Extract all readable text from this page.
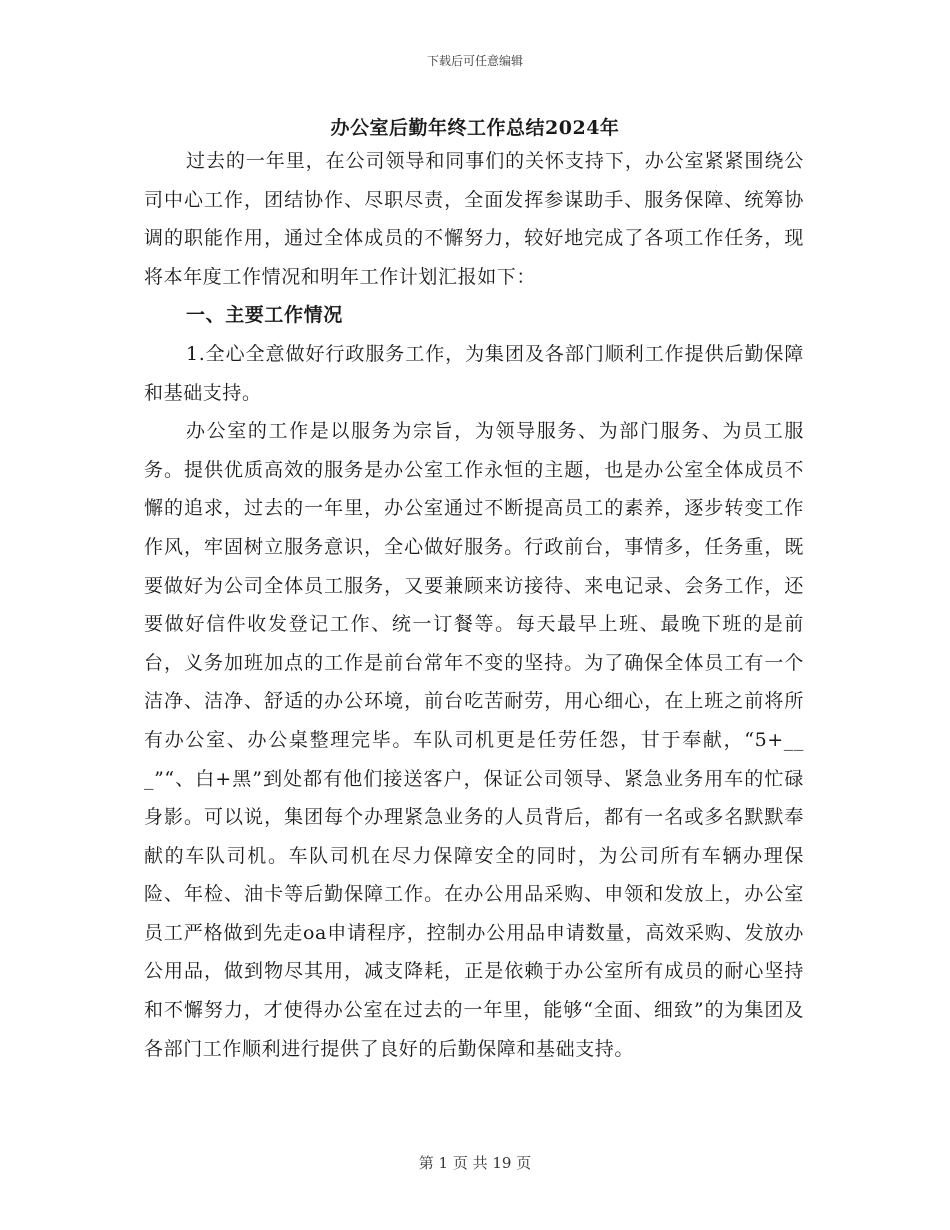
下载后可任意编辑
办公室后勤年终工作总结2024年

过去的一年里，在公司领导和同事们的关怀支持下，办公室紧紧围绕公司中心工作，团结协作、尽职尽责，全面发挥参谋助手、服务保障、统筹协调的职能作用，通过全体成员的不懈努力，较好地完成了各项工作任务，现将本年度工作情况和明年工作计划汇报如下：

一、主要工作情况

1.全心全意做好行政服务工作，为集团及各部门顺利工作提供后勤保障和基础支持。

办公室的工作是以服务为宗旨，为领导服务、为部门服务、为员工服务。提供优质高效的服务是办公室工作永恒的主题，也是办公室全体成员不懈的追求，过去的一年里，办公室通过不断提高员工的素养，逐步转变工作作风，牢固树立服务意识，全心做好服务。行政前台，事情多，任务重，既要做好为公司全体员工服务，又要兼顾来访接待、来电记录、会务工作，还要做好信件收发登记工作、统一订餐等。每天最早上班、最晚下班的是前台，义务加班加点的工作是前台常年不变的坚持。为了确保全体员工有一个洁净、洁净、舒适的办公环境，前台吃苦耐劳，用心细心，在上班之前将所有办公室、办公桌整理完毕。车队司机更是任劳任怨，甘于奉献，“5+___”“、白+黑”到处都有他们接送客户，保证公司领导、紧急业务用车的忙碌身影。可以说，集团每个办理紧急业务的人员背后，都有一名或多名默默奉献的车队司机。车队司机在尽力保障安全的同时，为公司所有车辆办理保险、年检、油卡等后勤保障工作。在办公用品采购、申领和发放上，办公室员工严格做到先走oa申请程序，控制办公用品申请数量，高效采购、发放办公用品，做到物尽其用，减支降耗，正是依赖于办公室所有成员的耐心坚持和不懈努力，才使得办公室在过去的一年里，能够“全面、细致”的为集团及各部门工作顺利进行提供了良好的后勤保障和基础支持。

第 1 页 共 19 页
